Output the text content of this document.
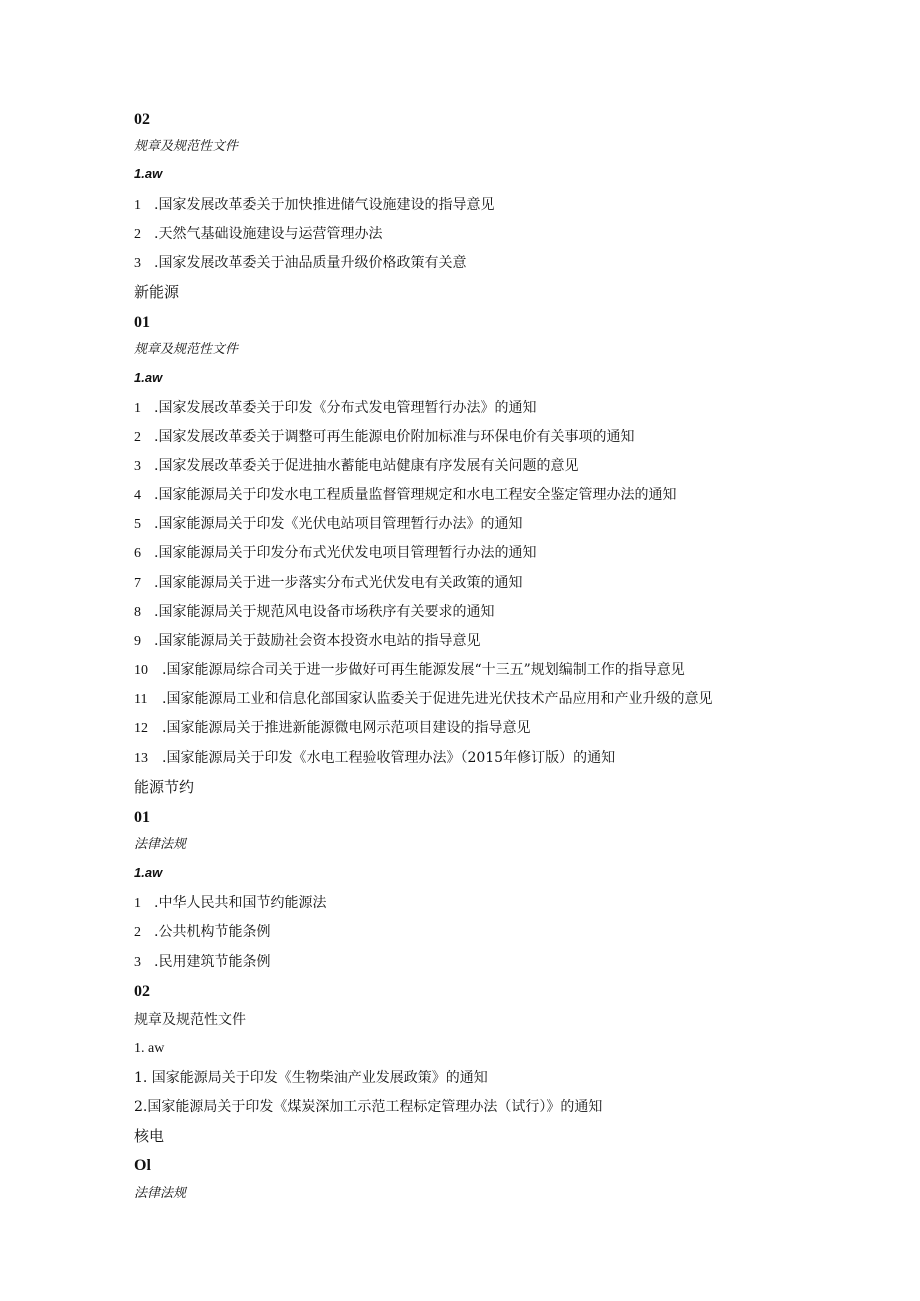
02
规章及规范性文件
1.aw
1 .国家发展改革委关于加快推进储气设施建设的指导意见
2 .天然气基础设施建设与运营管理办法
3 .国家发展改革委关于油品质量升级价格政策有关意
新能源
01
规章及规范性文件
1.aw
1 .国家发展改革委关于印发《分布式发电管理暂行办法》的通知
2 .国家发展改革委关于调整可再生能源电价附加标准与环保电价有关事项的通知
3 .国家发展改革委关于促进抽水蓄能电站健康有序发展有关问题的意见
4 .国家能源局关于印发水电工程质量监督管理规定和水电工程安全鉴定管理办法的通知
5 .国家能源局关于印发《光伏电站项目管理暂行办法》的通知
6 .国家能源局关于印发分布式光伏发电项目管理暂行办法的通知
7 .国家能源局关于进一步落实分布式光伏发电有关政策的通知
8 .国家能源局关于规范风电设备市场秩序有关要求的通知
9 .国家能源局关于鼓励社会资本投资水电站的指导意见
10 .国家能源局综合司关于进一步做好可再生能源发展“十三五”规划编制工作的指导意见
11 .国家能源局工业和信息化部国家认监委关于促进先进光伏技术产品应用和产业升级的意见
12 .国家能源局关于推进新能源微电网示范项目建设的指导意见
13 .国家能源局关于印发《水电工程验收管理办法》（2015年修订版）的通知
能源节约
01
法律法规
1.aw
1 .中华人民共和国节约能源法
2 .公共机构节能条例
3 .民用建筑节能条例
02
规章及规范性文件
1. aw
1. 国家能源局关于印发《生物柴油产业发展政策》的通知
2.国家能源局关于印发《煤炭深加工示范工程标定管理办法（试行）》的通知
核电
Ol
法律法规
